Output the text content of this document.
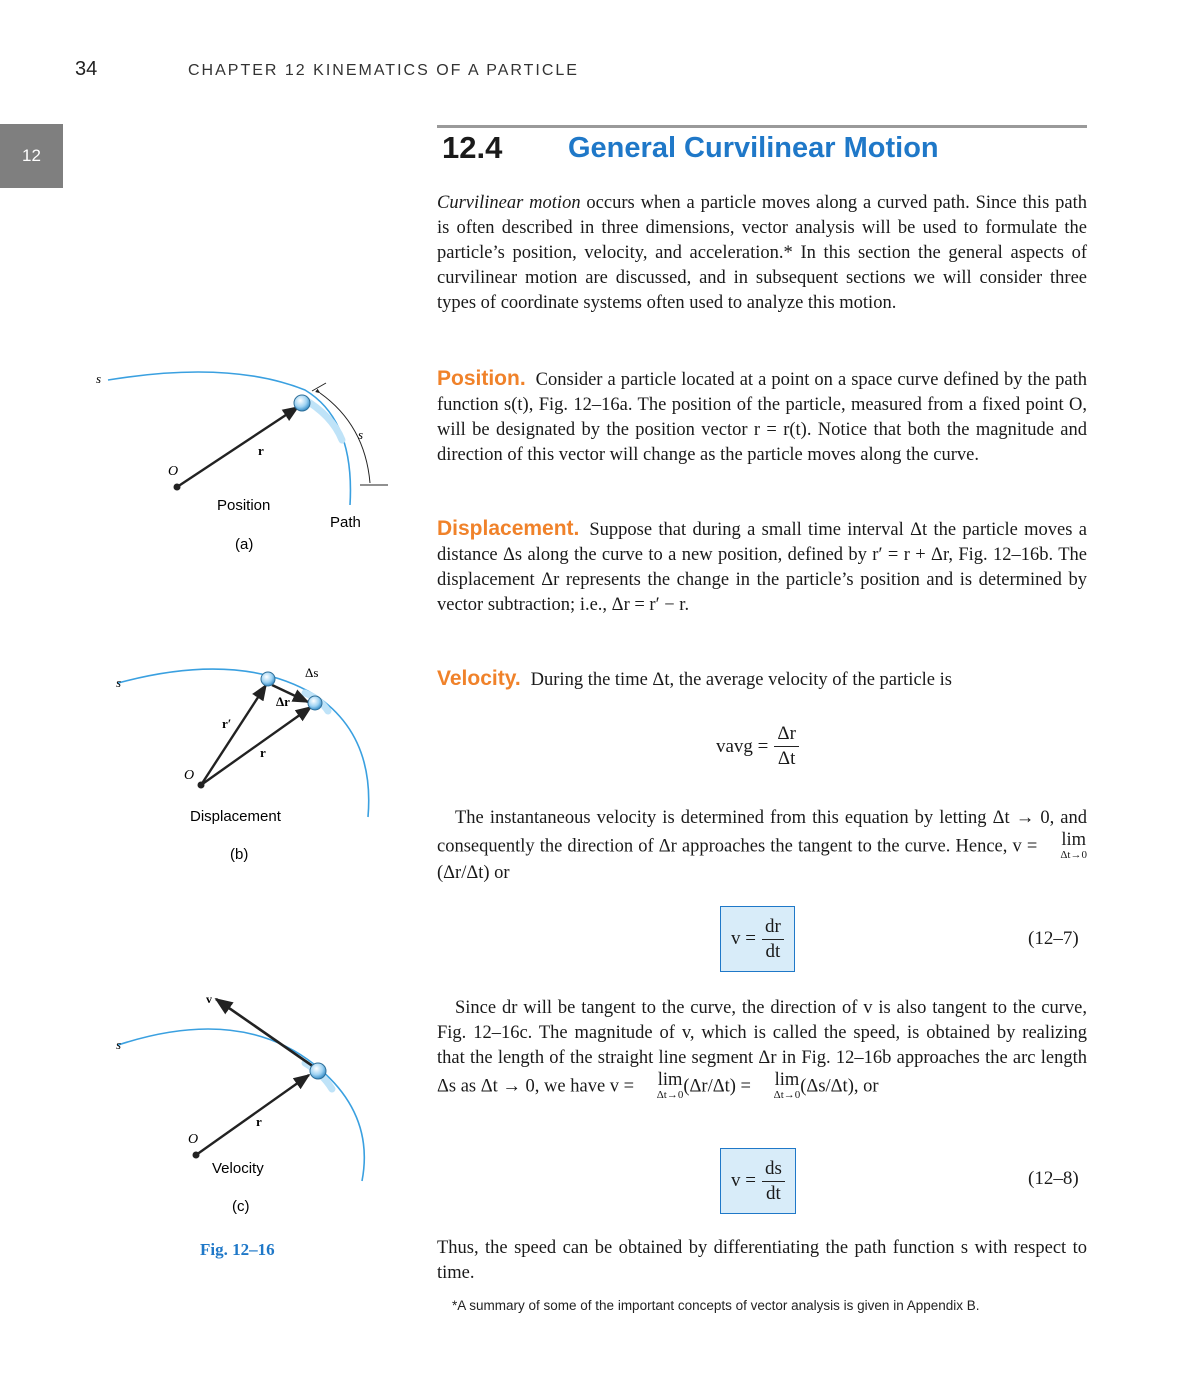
34	CHAPTER 12 KINEMATICS OF A PARTICLE
12	12.4 General Curvilinear Motion
Curvilinear motion occurs when a particle moves along a curved path. Since this path is often described in three dimensions, vector analysis will be used to formulate the particle’s position, velocity, and acceleration.* In this section the general aspects of curvilinear motion are discussed, and in subsequent sections we will consider three types of coordinate systems often used to analyze this motion.
Position. Consider a particle located at a point on a space curve defined by the path function s(t), Fig. 12–16a. The position of the particle, measured from a fixed point O, will be designated by the position vector r = r(t). Notice that both the magnitude and direction of this vector will change as the particle moves along the curve.
Displacement. Suppose that during a small time interval Δt the particle moves a distance Δs along the curve to a new position, defined by r′ = r + Δr, Fig. 12–16b. The displacement Δr represents the change in the particle’s position and is determined by vector subtraction; i.e., Δr = r′ − r.
Velocity. During the time Δt, the average velocity of the particle is
vavg = $\frac{\Delta r}{\Delta t}$
The instantaneous velocity is determined from this equation by letting Δt → 0, and consequently the direction of Δr approaches the tangent to the curve. Hence, v = lim
Δt→0
(Δr/Δt) or
$v = \frac{dr}{dt}$	(12–7)
Since dr will be tangent to the curve, the direction of v is also tangent to the curve, Fig. 12–16c. The magnitude of v, which is called the speed, is obtained by realizing that the length of the straight line segment Δr in Fig. 12–16b approaches the arc length Δs as Δt → 0, we have v = lim
Δt→0 (Δr/Δt) = lim
Δt→0 (Δs/Δt), or
$v = \frac{ds}{dt}$	(12–8)
Thus, the speed can be obtained by differentiating the path function s with respect to time.
*A summary of some of the important concepts of vector analysis is given in Appendix B.
s
s
O
r
Position
Path
(a)
s
Δs
Δr
r′
r
O
Displacement
(b)
v
s
r
O
Velocity
(c)
Fig. 12–16
